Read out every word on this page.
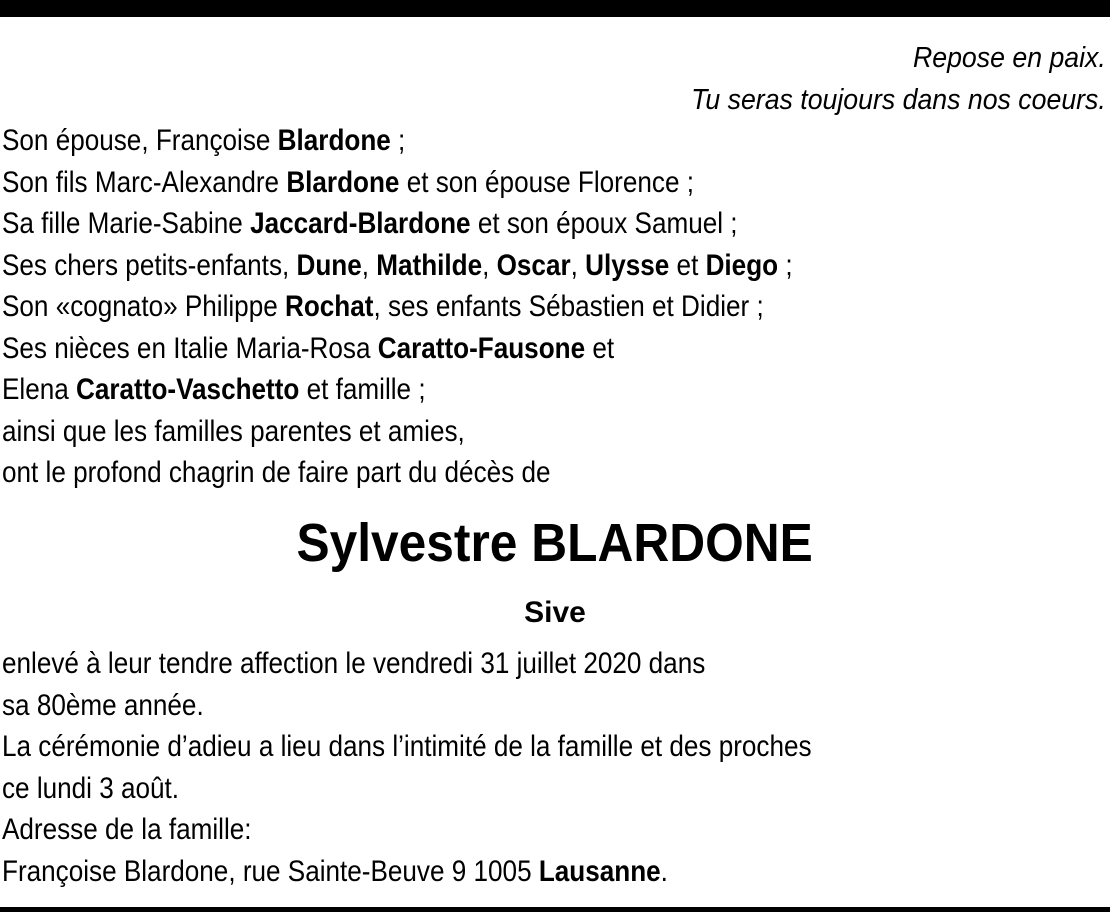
Repose en paix.
Tu seras toujours dans nos coeurs.
Son épouse, Françoise Blardone ;
Son fils Marc-Alexandre Blardone et son épouse Florence ;
Sa fille Marie-Sabine Jaccard-Blardone et son époux Samuel ;
Ses chers petits-enfants, Dune, Mathilde, Oscar, Ulysse et Diego ;
Son «cognato» Philippe Rochat, ses enfants Sébastien et Didier ;
Ses nièces en Italie Maria-Rosa Caratto-Fausone et
Elena Caratto-Vaschetto et famille ;
ainsi que les familles parentes et amies,
ont le profond chagrin de faire part du décès de
Sylvestre BLARDONE
Sive
enlevé à leur tendre affection le vendredi 31 juillet 2020 dans
sa 80ème année.
La cérémonie d’adieu a lieu dans l’intimité de la famille et des proches
ce lundi 3 août.
Adresse de la famille:
Françoise Blardone, rue Sainte-Beuve 9 1005 Lausanne.
